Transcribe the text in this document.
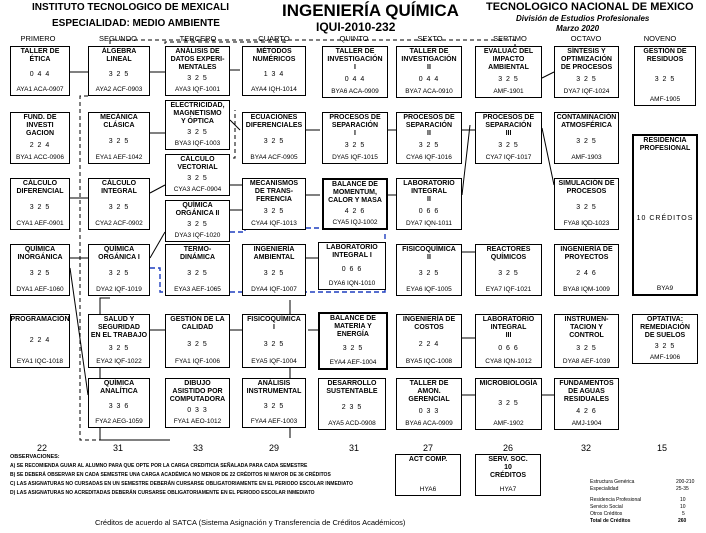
INSTITUTO TECNOLOGICO DE MEXICALI
ESPECIALIDAD: MEDIO AMBIENTE
INGENIERÍA QUÍMICA
IQUI-2010-232
TECNOLOGICO NACIONAL DE MEXICO
División de Estudios Profesionales
Marzo 2020
PRIMERO	SEGUNDO	TERCERO	CUARTO	QUINTO	SEXTO	SEPTIMO	OCTAVO	NOVENO
TALLER DE
ÉTICA
0 4 4
AYA1 ACA-0907
FUND. DE
INVESTI
GACION
2 2 4
BYA1 ACC-0906
CÁLCULO
DIFERENCIAL
3 2 5
CYA1 AEF-0901
QUÍMICA
INORGÁNICA
3 2 5
DYA1 AEF-1060
PROGRAMACIÓN
2 2 4
EYA1 IQC-1018
ÁLGEBRA
LINEAL
3 2 5
AYA2 ACF-0903
MECÁNICA
CLÁSICA
3 2 5
EYA1 AEF-1042
CÁLCULO
INTEGRAL
3 2 5
CYA2 ACF-0902
QUÍMICA
ORGÁNICA I
3 2 5
DYA2 IQF-1019
SALUD Y
SEGURIDAD
EN EL TRABAJO
3 2 5
EYA2 IQF-1022
QUÍMICA
ANALÍTICA
3 3 6
FYA2 AEG-1059
ANÁLISIS DE
DATOS EXPERI-
MENTALES
3 2 5
AYA3 IQF-1001
ELECTRICIDAD,
MAGNETISMO
Y ÓPTICA
3 2 5
BYA3 IQF-1003
CÁLCULO
VECTORIAL
3 2 5
CYA3 ACF-0904
QUÍMICA
ORGÁNICA II
3 2 5
DYA3 IQF-1020
TERMO-
DINÁMICA
3 2 5
EYA3 AEF-1065
GESTIÓN DE LA
CALIDAD
3 2 5
FYA1 IQF-1006
DIBUJO
ASISTIDO POR
COMPUTADORA
0 3 3
FYA1 AEO-1012
MÉTODOS
NUMÉRICOS
1 3 4
AYA4 IQH-1014
ECUACIONES
DIFERENCIALES
3 2 5
BYA4 ACF-0905
MECANISMOS
DE TRANS-
FERENCIA
3 2 5
CYA4 IQF-1013
INGENIERÍA
AMBIENTAL
3 2 5
DYA4 IQF-1007
FISICOQUÍMICA
I
3 2 5
EYA5 IQF-1004
ANÁLISIS
INSTRUMENTAL
3 2 5
FYA4 AEF-1003
TALLER DE
INVESTIGACIÓN
I
0 4 4
BYA6 ACA-0909
PROCESOS DE
SEPARACIÓN
I
3 2 5
DYA5 IQF-1015
BALANCE DE
MOMENTUM,
CALOR Y MASA
4 2 6
CYA5 IQJ-1002
LABORATORIO
INTEGRAL I
0 6 6
DYA6 IQN-1010
BALANCE DE
MATERIA Y
ENERGÍA
3 2 5
EYA4 AEF-1004
DESARROLLO
SUSTENTABLE
2 3 5
AYA5 ACD-0908
TALLER DE
INVESTIGACIÓN
II
0 4 4
BYA7 ACA-0910
PROCESOS DE
SEPARACIÓN
II
3 2 5
CYA6 IQF-1016
LABORATORIO
INTEGRAL
II
0 6 6
DYA7 IQN-1011
FISICOQUÍMICA
II
3 2 5
EYA6 IQF-1005
INGENIERÍA DE
COSTOS
2 2 4
BYA5 IQC-1008
TALLER DE
AMON.
GERENCIAL
0 3 3
BYA6 ACA-0909
EVALUAC DEL
IMPACTO
AMBIENTAL
3 2 5
AMF-1901
PROCESOS DE
SEPARACIÓN
III
3 2 5
CYA7 IQF-1017
REACTORES
QUÍMICOS
3 2 5
EYA7 IQF-1021
LABORATORIO
INTEGRAL
III
0 6 6
CYA8 IQN-1012
MICROBIOLOGÍA
3 2 5
AMF-1902
SÍNTESIS Y
OPTIMIZACIÓN
DE PROCESOS
3 2 5
DYA7 IQF-1024
CONTAMINACIÓN
ATMOSFÉRICA
3 2 5
AMF-1903
SIMULACIÓN DE
PROCESOS
3 2 5
FYA8 IQD-1023
INGENIERÍA DE
PROYECTOS
2 4 6
BYA8 IQM-1009
INSTRUMEN-
TACION Y
CONTROL
3 2 5
DYA8 AEF-1039
FUNDAMENTOS
DE AGUAS
RESIDUALES
4 2 6
AMJ-1904
GESTIÓN DE
RESIDUOS
3 2 5
AMF-1905
RESIDENCIA
PROFESIONAL
10 CRÉDITOS
BYA9
OPTATIVA:
REMEDIACIÓN
DE SUELOS
3 2 5
AMF-1906
ACT COMP.
HYA6
SERV. SOC.
10
CRÉDITOS
HYA7
22	31	33	29	31	27	26	32	15
OBSERVACIONES:
A) SE RECOMIENDA GUIAR AL ALUMNO PARA QUE OPTE POR LA CARGA CREDITICIA SEÑALADA PARA CADA SEMESTRE
B) SE DEBERÁ OBSERVAR EN CADA SEMESTRE UNA CARGA ACADÉMICA NO MENOR DE 22 CRÉDITOS NI MAYOR DE 36 CRÉDITOS
C) LAS ASIGNATURAS NO CURSADAS EN UN SEMESTRE DEBERÁN CURSARSE OBLIGATORIAMENTE EN EL PERIODO ESCOLAR INMEDIATO
D) LAS ASIGNATURAS NO ACREDITADAS DEBERÁN CURSARSE OBLIGATORIAMENTE EN EL PERIODO ESCOLAR INMEDIATO
Estructura Genérica	200-210
Especialidad	25-35
Residencia Profesional	10
Servicio Social	10
Otros Créditos	5
Total de Créditos	260
Créditos de acuerdo al SATCA (Sistema Asignación y Transferencia de Créditos Académicos)
